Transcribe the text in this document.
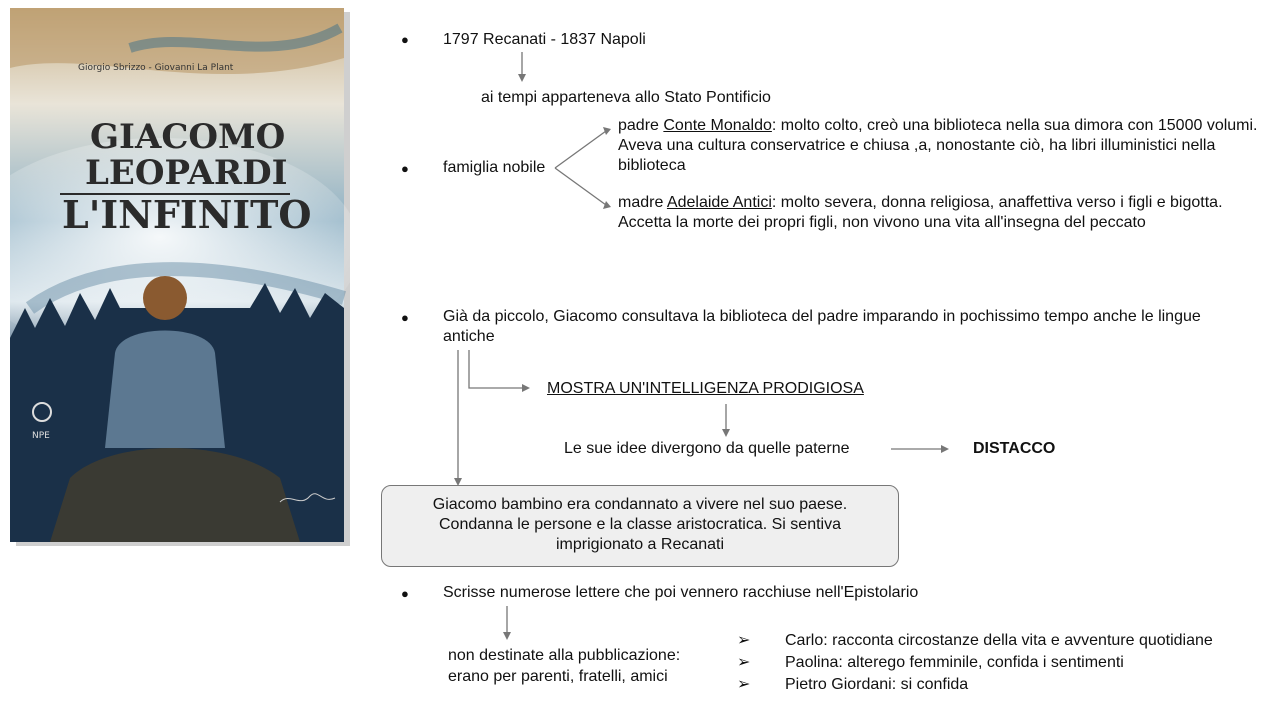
Giorgio Sbrizzo - Giovanni La Plant
GIACOMO
LEOPARDI
L'INFINITO
NPE
● 1797 Recanati - 1837 Napoli
ai tempi apparteneva allo Stato Pontificio
● famiglia nobile
padre Conte Monaldo: molto colto, creò una biblioteca nella sua dimora con 15000 volumi. Aveva una cultura conservatrice e chiusa ,a, nonostante ciò, ha libri illuministici nella biblioteca
madre Adelaide Antici: molto severa, donna religiosa, anaffettiva verso i figli e bigotta. Accetta la morte dei propri figli, non vivono una vita all'insegna del peccato
● Già da piccolo, Giacomo consultava la biblioteca del padre imparando in pochissimo tempo anche le lingue antiche
MOSTRA UN'INTELLIGENZA PRODIGIOSA
Le sue idee divergono da quelle paterne	DISTACCO
Giacomo bambino era condannato a vivere nel suo paese. Condanna le persone e la classe aristocratica. Si sentiva imprigionato a Recanati
● Scrisse numerose lettere che poi vennero racchiuse nell'Epistolario
non destinate alla pubblicazione:
erano per parenti, fratelli, amici
➢ Carlo: racconta circostanze della vita e avventure quotidiane
➢ Paolina: alterego femminile, confida i sentimenti
➢ Pietro Giordani: si confida
